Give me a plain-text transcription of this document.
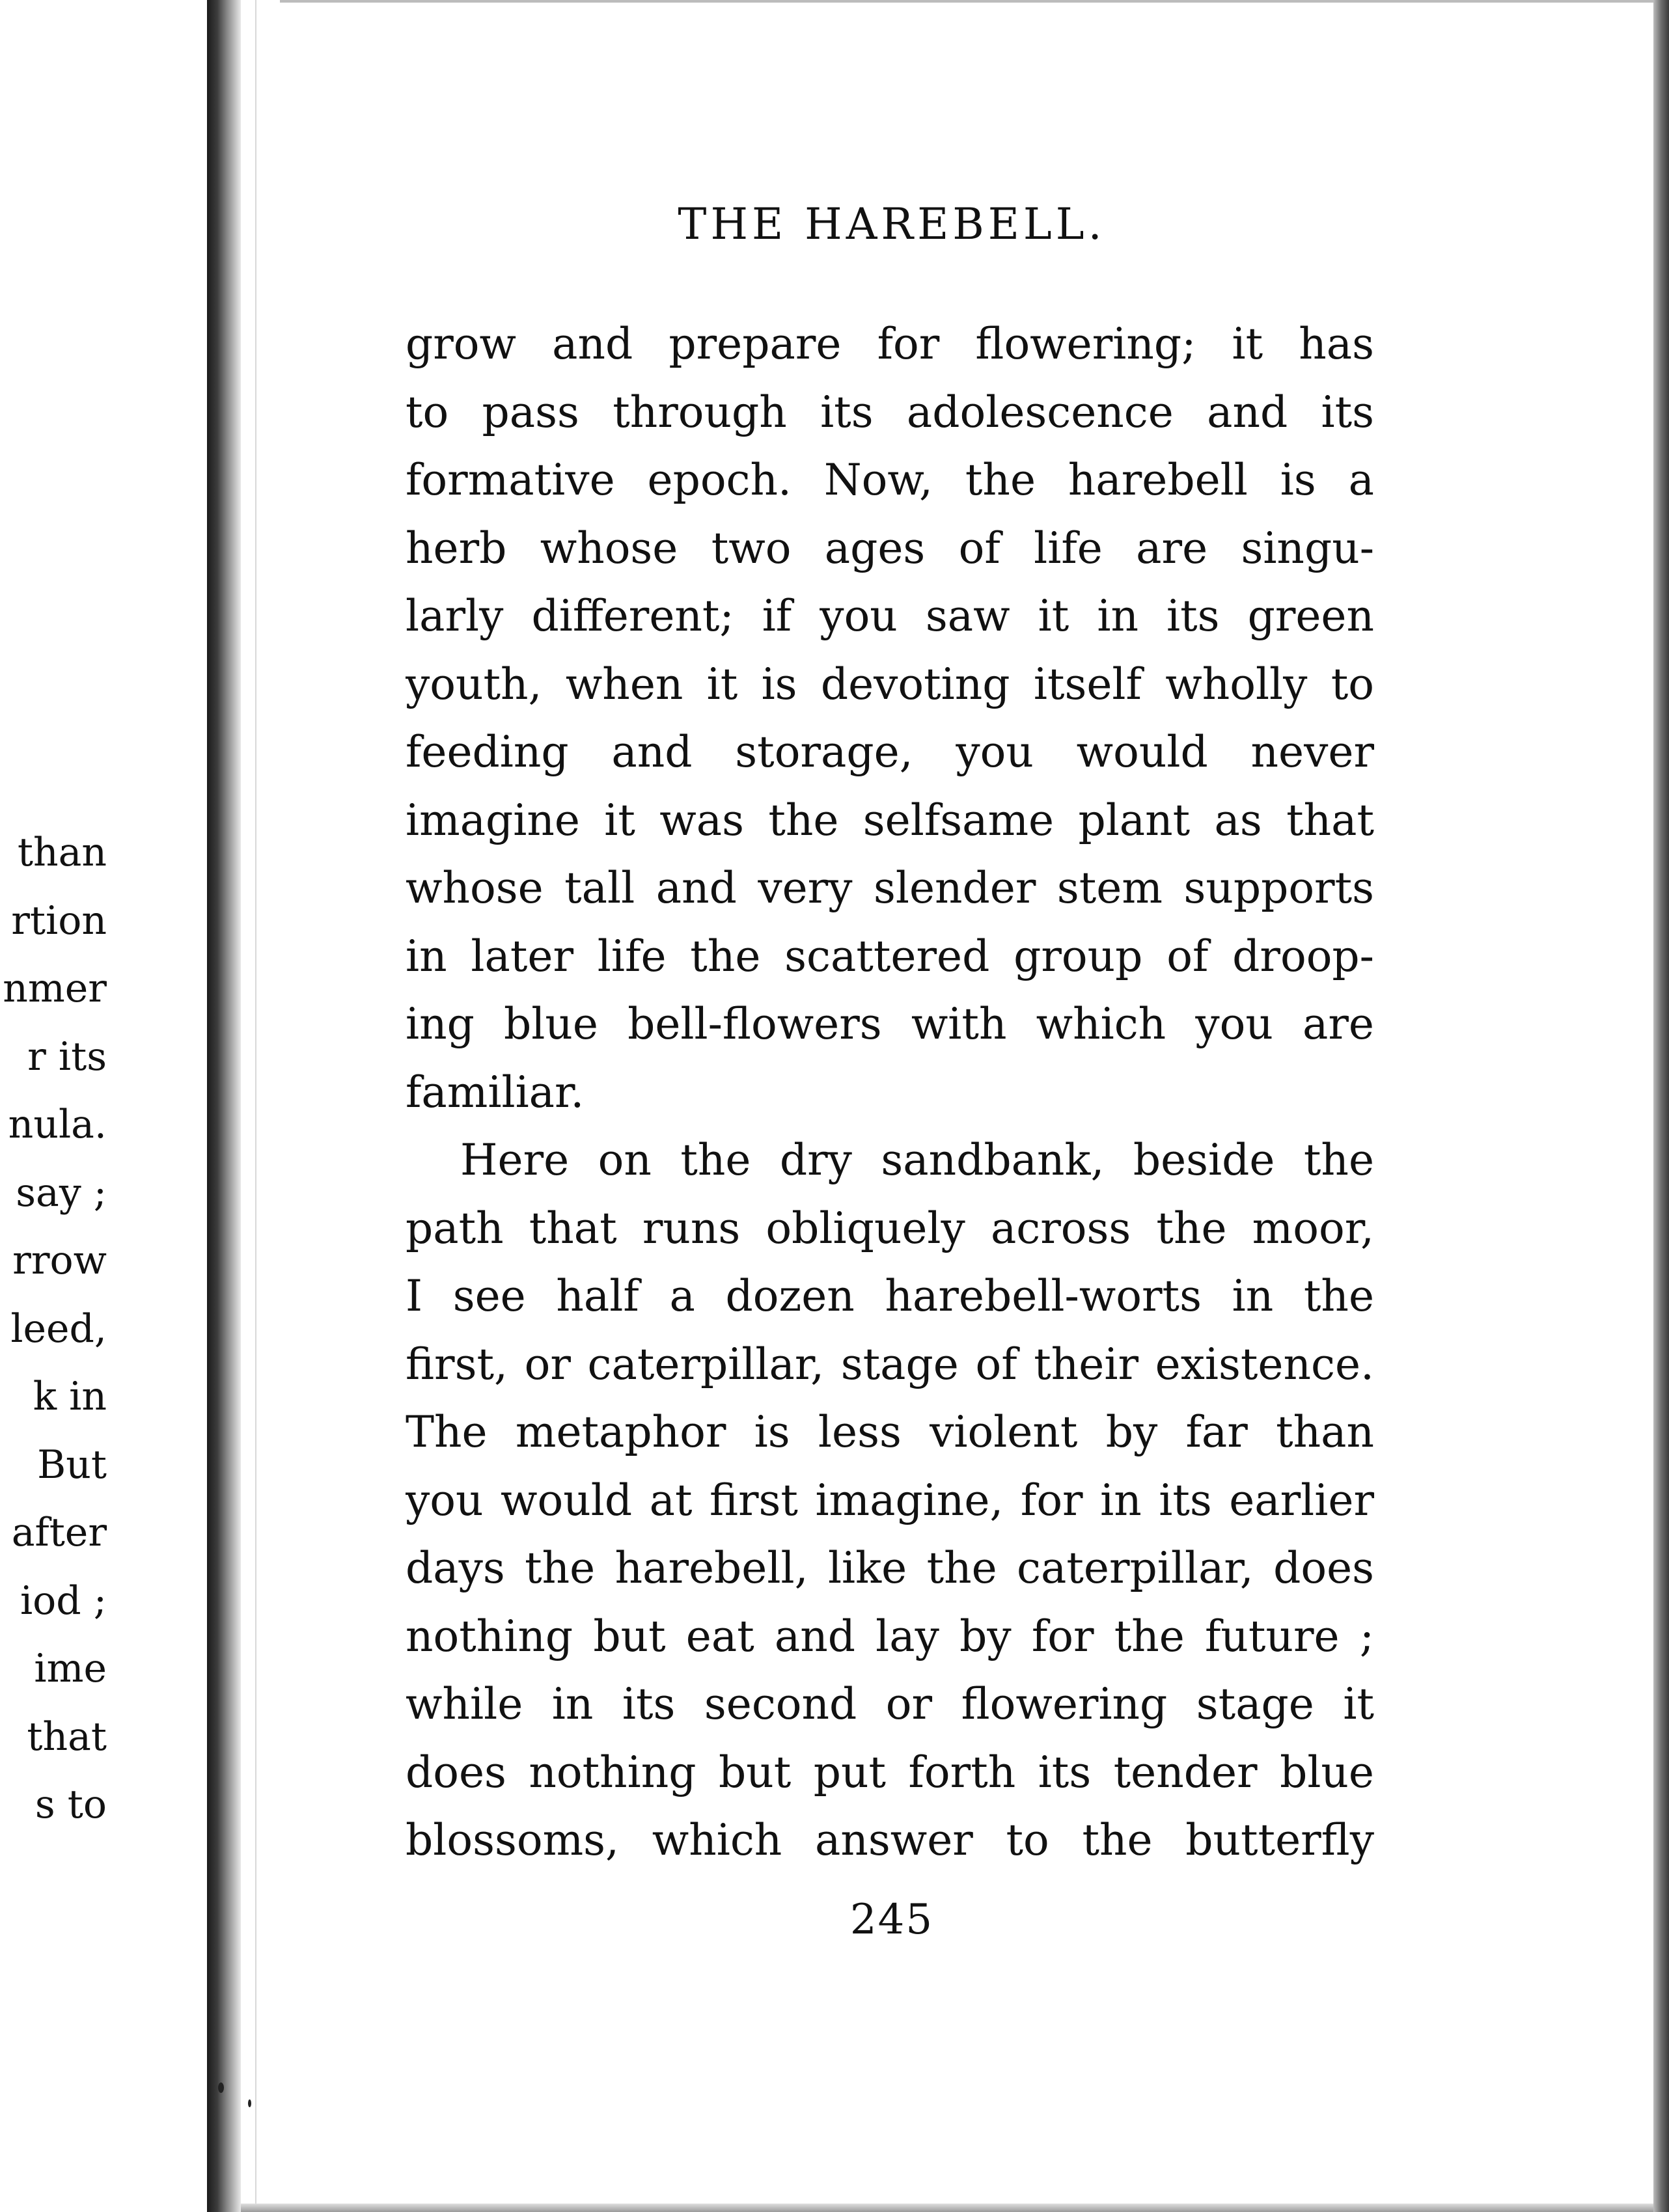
than
rtion
nmer
r its
nula.
say ;
rrow
leed,
k in
But
after
iod ;
ime
that
s to
THE HAREBELL.
grow and prepare for flowering; it has
to pass through its adolescence and its
formative epoch. Now, the harebell is a
herb whose two ages of life are singu-
larly different; if you saw it in its green
youth, when it is devoting itself wholly to
feeding and storage, you would never
imagine it was the selfsame plant as that
whose tall and very slender stem supports
in later life the scattered group of droop-
ing blue bell-flowers with which you are
familiar.
Here on the dry sandbank, beside the
path that runs obliquely across the moor,
I see half a dozen harebell-worts in the
first, or caterpillar, stage of their existence.
The metaphor is less violent by far than
you would at first imagine, for in its earlier
days the harebell, like the caterpillar, does
nothing but eat and lay by for the future ;
while in its second or flowering stage it
does nothing but put forth its tender blue
blossoms, which answer to the butterfly
245
